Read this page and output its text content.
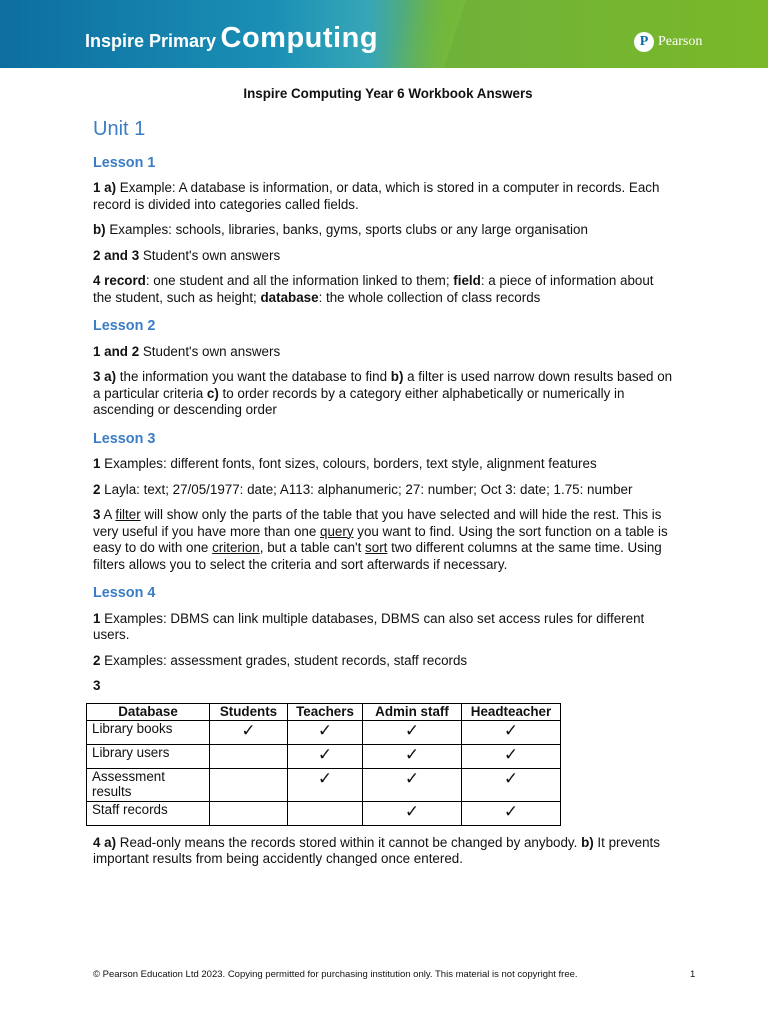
Inspire Primary Computing	P Pearson
Inspire Computing Year 6 Workbook Answers
Unit 1
Lesson 1

1 a) Example: A database is information, or data, which is stored in a computer in records. Each record is divided into categories called fields.

b) Examples: schools, libraries, banks, gyms, sports clubs or any large organisation

2 and 3 Student's own answers

4 record: one student and all the information linked to them; field: a piece of information about the student, such as height; database: the whole collection of class records

Lesson 2

1 and 2 Student's own answers

3 a) the information you want the database to find b) a filter is used narrow down results based on a particular criteria c) to order records by a category either alphabetically or numerically in ascending or descending order

Lesson 3

1 Examples: different fonts, font sizes, colours, borders, text style, alignment features

2 Layla: text; 27/05/1977: date; A113: alphanumeric; 27: number; Oct 3: date; 1.75: number

3 A filter will show only the parts of the table that you have selected and will hide the rest. This is very useful if you have more than one query you want to find. Using the sort function on a table is easy to do with one criterion, but a table can't sort two different columns at the same time. Using filters allows you to select the criteria and sort afterwards if necessary.

Lesson 4

1 Examples: DBMS can link multiple databases, DBMS can also set access rules for different users.

2 Examples: assessment grades, student records, staff records

3

Database	Students	Teachers	Admin staff	Headteacher
Library books	✓	✓	✓	✓
Library users		✓	✓	✓
Assessment results		✓	✓	✓
Staff records			✓	✓

4 a) Read-only means the records stored within it cannot be changed by anybody. b) It prevents important results from being accidently changed once entered.

© Pearson Education Ltd 2023. Copying permitted for purchasing institution only. This material is not copyright free.	1
